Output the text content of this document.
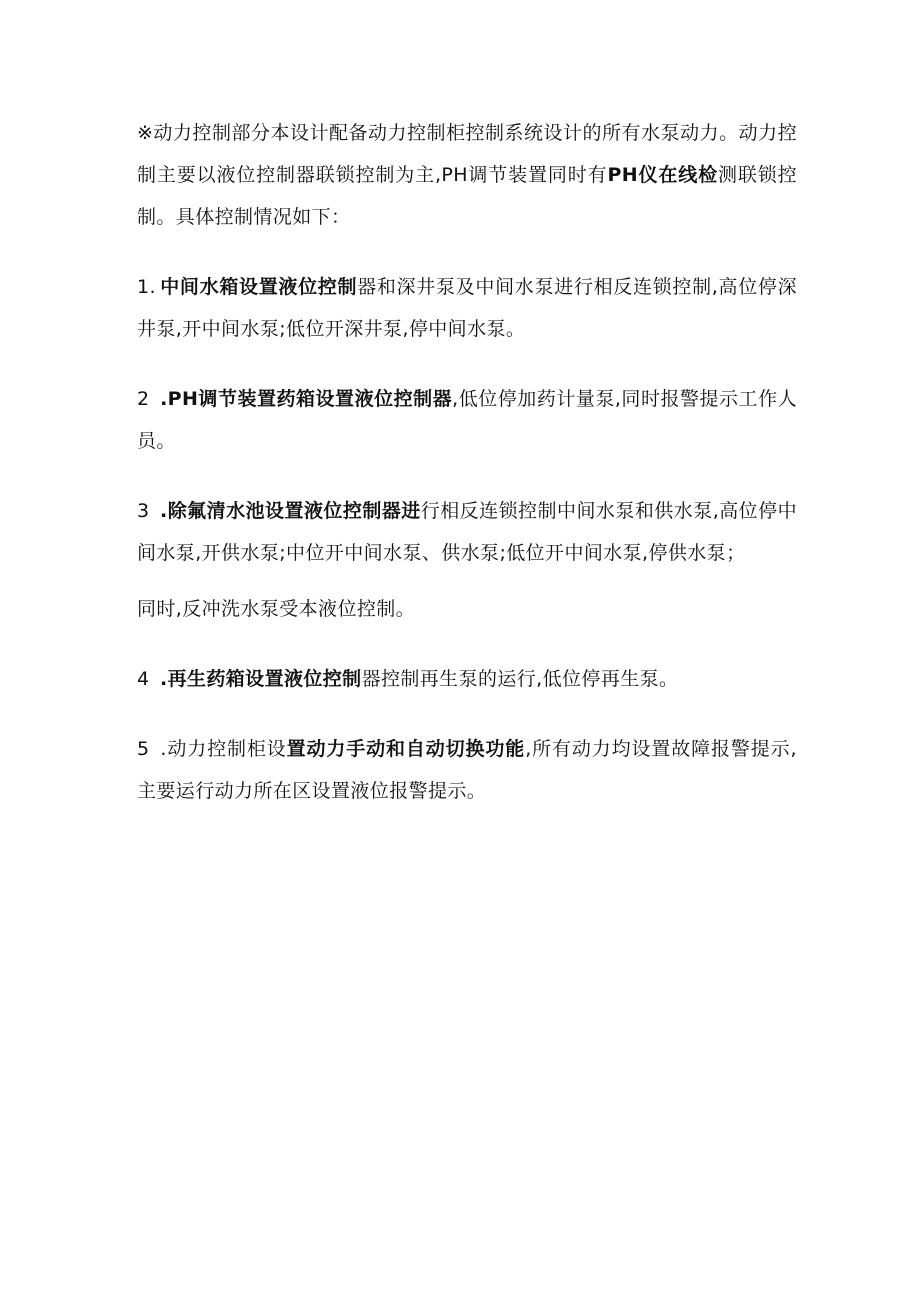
※动力控制部分本设计配备动力控制柜控制系统设计的所有水泵动力。动力控制主要以液位控制器联锁控制为主,PH调节装置同时有PH仪在线检测联锁控制。具体控制情况如下：

1. 中间水箱设置液位控制器和深井泵及中间水泵进行相反连锁控制,高位停深井泵,开中间水泵;低位开深井泵,停中间水泵。

2 .PH调节装置药箱设置液位控制器,低位停加药计量泵,同时报警提示工作人员。

3 .除氟清水池设置液位控制器进行相反连锁控制中间水泵和供水泵,高位停中间水泵,开供水泵;中位开中间水泵、供水泵;低位开中间水泵,停供水泵；

同时,反冲洗水泵受本液位控制。

4 .再生药箱设置液位控制器控制再生泵的运行,低位停再生泵。

5 .动力控制柜设置动力手动和自动切换功能,所有动力均设置故障报警提示,主要运行动力所在区设置液位报警提示。
